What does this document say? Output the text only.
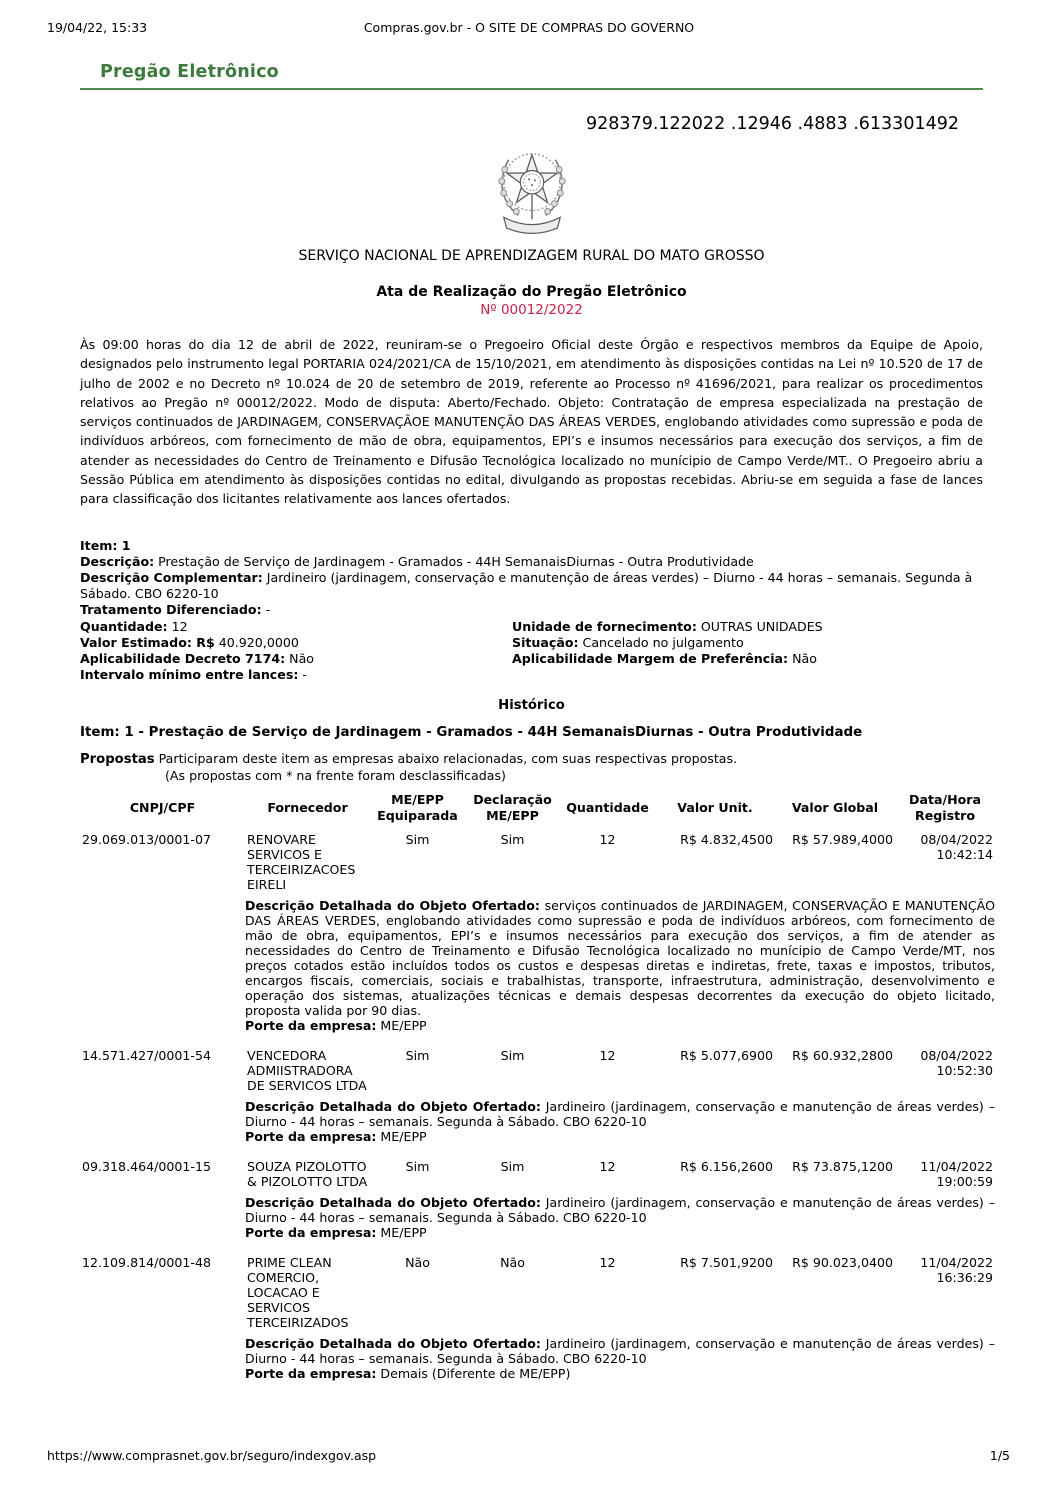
19/04/22, 15:33	Compras.gov.br - O SITE DE COMPRAS DO GOVERNO
Pregão Eletrônico
928379.122022 .12946 .4883 .613301492
SERVIÇO NACIONAL DE APRENDIZAGEM RURAL DO MATO GROSSO
Ata de Realização do Pregão Eletrônico
Nº 00012/2022

Às 09:00 horas do dia 12 de abril de 2022, reuniram-se o Pregoeiro Oficial deste Órgão e respectivos membros da Equipe de Apoio, designados pelo instrumento legal PORTARIA 024/2021/CA de 15/10/2021, em atendimento às disposições contidas na Lei nº 10.520 de 17 de julho de 2002 e no Decreto nº 10.024 de 20 de setembro de 2019, referente ao Processo nº 41696/2021, para realizar os procedimentos relativos ao Pregão nº 00012/2022. Modo de disputa: Aberto/Fechado. Objeto: Contratação de empresa especializada na prestação de serviços continuados de JARDINAGEM, CONSERVAÇÃOE MANUTENÇÃO DAS ÁREAS VERDES, englobando atividades como supressão e poda de indivíduos arbóreos, com fornecimento de mão de obra, equipamentos, EPI’s e insumos necessários para execução dos serviços, a fim de atender as necessidades do Centro de Treinamento e Difusão Tecnológica localizado no munícipio de Campo Verde/MT.. O Pregoeiro abriu a Sessão Pública em atendimento às disposições contidas no edital, divulgando as propostas recebidas. Abriu-se em seguida a fase de lances para classificação dos licitantes relativamente aos lances ofertados.

Item: 1
Descrição: Prestação de Serviço de Jardinagem - Gramados - 44H SemanaisDiurnas - Outra Produtividade
Descrição Complementar: Jardineiro (jardinagem, conservação e manutenção de áreas verdes) – Diurno - 44 horas – semanais. Segunda à Sábado. CBO 6220-10
Tratamento Diferenciado: -
Quantidade: 12	Unidade de fornecimento: OUTRAS UNIDADES
Valor Estimado: R$ 40.920,0000	Situação: Cancelado no julgamento
Aplicabilidade Decreto 7174: Não	Aplicabilidade Margem de Preferência: Não
Intervalo mínimo entre lances: -
Histórico
Item: 1 - Prestação de Serviço de Jardinagem - Gramados - 44H SemanaisDiurnas - Outra Produtividade
Propostas Participaram deste item as empresas abaixo relacionadas, com suas respectivas propostas.
(As propostas com * na frente foram desclassificadas)
CNPJ/CPF	Fornecedor	ME/EPP Equiparada	Declaração ME/EPP	Quantidade	Valor Unit.	Valor Global	Data/Hora Registro
29.069.013/0001-07	RENOVARE SERVICOS E TERCEIRIZACOES EIRELI	Sim	Sim	12	R$ 4.832,4500	R$ 57.989,4000	08/04/2022
10:42:14
	Descrição Detalhada do Objeto Ofertado: serviços continuados de JARDINAGEM, CONSERVAÇÃO E MANUTENÇÃO DAS ÁREAS VERDES, englobando atividades como supressão e poda de indivíduos arbóreos, com fornecimento de mão de obra, equipamentos, EPI’s e insumos necessários para execução dos serviços, a fim de atender as necessidades do Centro de Treinamento e Difusão Tecnológica localizado no munícipio de Campo Verde/MT, nos preços cotados estão incluídos todos os custos e despesas diretas e indiretas, frete, taxas e impostos, tributos, encargos fiscais, comerciais, sociais e trabalhistas, transporte, infraestrutura, administração, desenvolvimento e operação dos sistemas, atualizações técnicas e demais despesas decorrentes da execução do objeto licitado, proposta valida por 90 dias.
Porte da empresa: ME/EPP						
14.571.427/0001-54	VENCEDORA ADMIISTRADORA DE SERVICOS LTDA	Sim	Sim	12	R$ 5.077,6900	R$ 60.932,2800	08/04/2022
10:52:30
	Descrição Detalhada do Objeto Ofertado: Jardineiro (jardinagem, conservação e manutenção de áreas verdes) – Diurno - 44 horas – semanais. Segunda à Sábado. CBO 6220-10
Porte da empresa: ME/EPP						
09.318.464/0001-15	SOUZA PIZOLOTTO & PIZOLOTTO LTDA	Sim	Sim	12	R$ 6.156,2600	R$ 73.875,1200	11/04/2022
19:00:59
	Descrição Detalhada do Objeto Ofertado: Jardineiro (jardinagem, conservação e manutenção de áreas verdes) – Diurno - 44 horas – semanais. Segunda à Sábado. CBO 6220-10
Porte da empresa: ME/EPP						
12.109.814/0001-48	PRIME CLEAN COMERCIO, LOCACAO E SERVICOS TERCEIRIZADOS	Não	Não	12	R$ 7.501,9200	R$ 90.023,0400	11/04/2022
16:36:29
	Descrição Detalhada do Objeto Ofertado: Jardineiro (jardinagem, conservação e manutenção de áreas verdes) – Diurno - 44 horas – semanais. Segunda à Sábado. CBO 6220-10
Porte da empresa: Demais (Diferente de ME/EPP)						
https://www.comprasnet.gov.br/seguro/indexgov.asp	1/5
